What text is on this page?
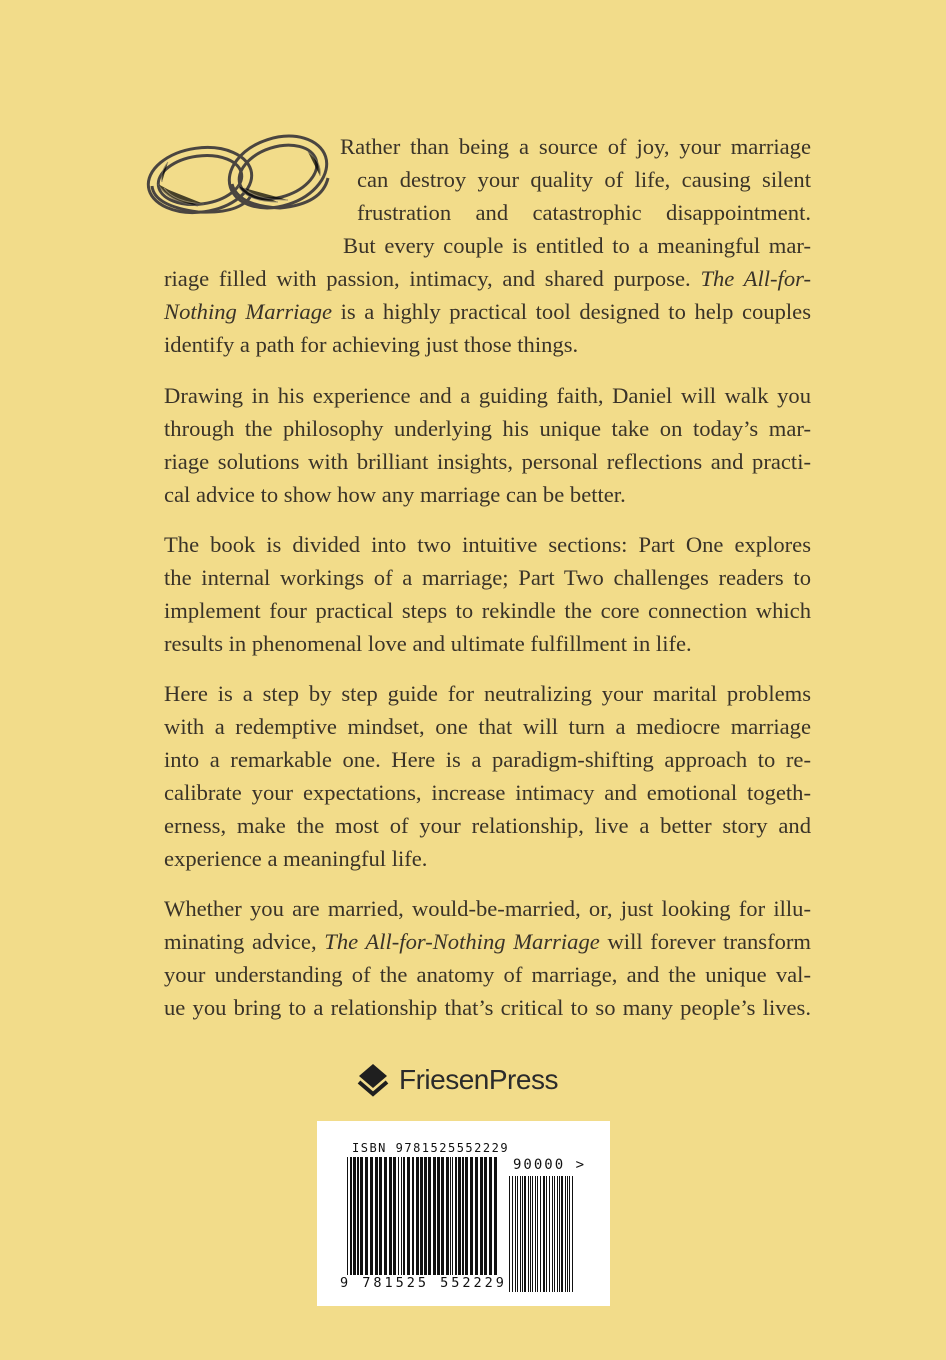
Rather than being a source of joy, your marriage

can destroy your quality of life, causing silent

frustration and catastrophic disappointment.

But every couple is entitled to a meaningful mar-

riage filled with passion, intimacy, and shared purpose. The All-for-

Nothing Marriage is a highly practical tool designed to help couples

identify a path for achieving just those things.

Drawing in his experience and a guiding faith, Daniel will walk you

through the philosophy underlying his unique take on today’s mar-

riage solutions with brilliant insights, personal reflections and practi-

cal advice to show how any marriage can be better.

The book is divided into two intuitive sections: Part One explores

the internal workings of a marriage; Part Two challenges readers to

implement four practical steps to rekindle the core connection which

results in phenomenal love and ultimate fulfillment in life.

Here is a step by step guide for neutralizing your marital problems

with a redemptive mindset, one that will turn a mediocre marriage

into a remarkable one. Here is a paradigm-shifting approach to re-

calibrate your expectations, increase intimacy and emotional togeth-

erness, make the most of your relationship, live a better story and

experience a meaningful life.

Whether you are married, would-be-married, or, just looking for illu-

minating advice, The All-for-Nothing Marriage will forever transform

your understanding of the anatomy of marriage, and the unique val-

ue you bring to a relationship that’s critical to so many people’s lives.

FriesenPress
ISBN 9781525552229
9 781525 552229
90000 >
